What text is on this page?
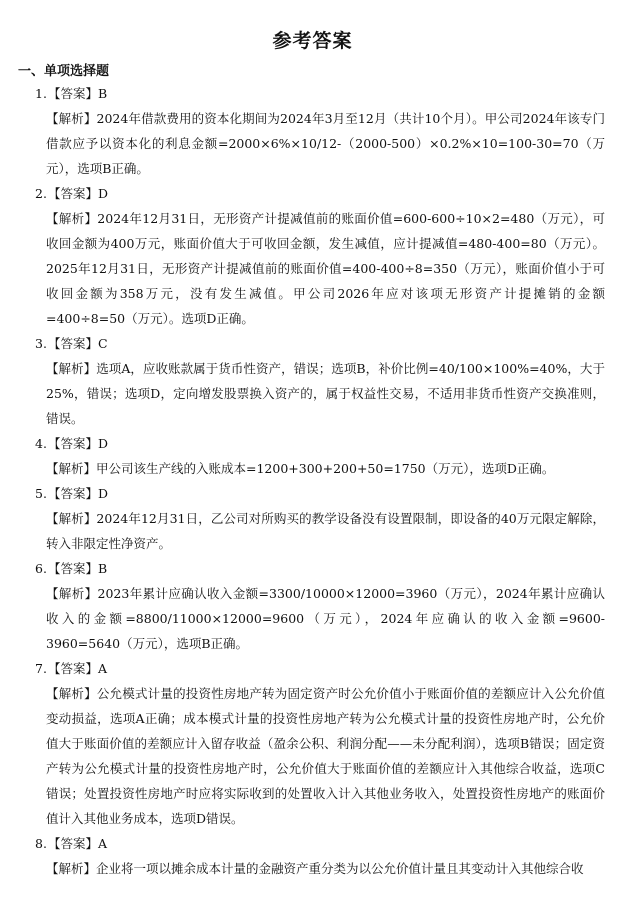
参考答案
一、单项选择题
1.【答案】B
【解析】2024年借款费用的资本化期间为2024年3月至12月（共计10个月）。甲公司2024年该专门借款应予以资本化的利息金额=2000×6%×10/12-（2000-500）×0.2%×10=100-30=70（万元），选项B正确。
2.【答案】D
【解析】2024年12月31日，无形资产计提减值前的账面价值=600-600÷10×2=480（万元），可收回金额为400万元，账面价值大于可收回金额，发生减值，应计提减值=480-400=80（万元）。2025年12月31日，无形资产计提减值前的账面价值=400-400÷8=350（万元），账面价值小于可收回金额为358万元，没有发生减值。甲公司2026年应对该项无形资产计提摊销的金额=400÷8=50（万元）。选项D正确。
3.【答案】C
【解析】选项A，应收账款属于货币性资产，错误；选项B，补价比例=40/100×100%=40%，大于25%，错误；选项D，定向增发股票换入资产的，属于权益性交易，不适用非货币性资产交换准则，错误。
4.【答案】D
【解析】甲公司该生产线的入账成本=1200+300+200+50=1750（万元），选项D正确。
5.【答案】D
【解析】2024年12月31日，乙公司对所购买的教学设备没有设置限制，即设备的40万元限定解除，转入非限定性净资产。
6.【答案】B
【解析】2023年累计应确认收入金额=3300/10000×12000=3960（万元），2024年累计应确认收入的金额=8800/11000×12000=9600（万元），2024年应确认的收入金额=9600-3960=5640（万元），选项B正确。
7.【答案】A
【解析】公允模式计量的投资性房地产转为固定资产时公允价值小于账面价值的差额应计入公允价值变动损益，选项A正确；成本模式计量的投资性房地产转为公允模式计量的投资性房地产时，公允价值大于账面价值的差额应计入留存收益（盈余公积、利润分配——未分配利润），选项B错误；固定资产转为公允模式计量的投资性房地产时，公允价值大于账面价值的差额应计入其他综合收益，选项C错误；处置投资性房地产时应将实际收到的处置收入计入其他业务收入，处置投资性房地产的账面价值计入其他业务成本，选项D错误。
8.【答案】A
【解析】企业将一项以摊余成本计量的金融资产重分类为以公允价值计量且其变动计入其他综合收
